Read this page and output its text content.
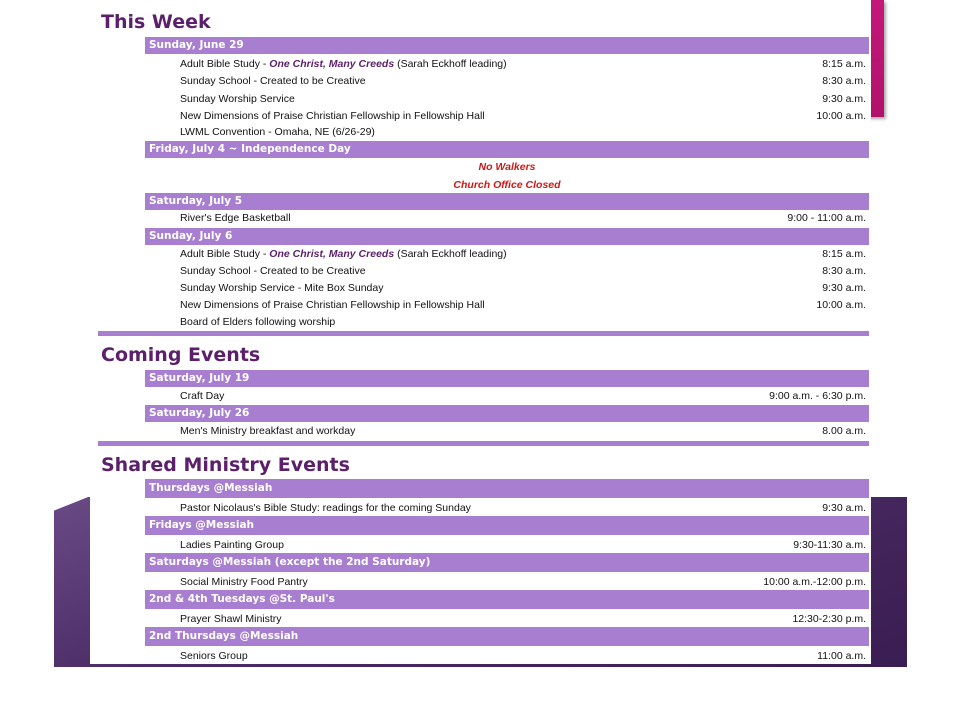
This Week
Sunday, June 29
Adult Bible Study - One Christ, Many Creeds (Sarah Eckhoff leading)	8:15 a.m.
Sunday School - Created to be Creative	8:30 a.m.
Sunday Worship Service	9:30 a.m.
New Dimensions of Praise Christian Fellowship in Fellowship Hall	10:00 a.m.
LWML Convention - Omaha, NE (6/26-29)
Friday, July 4 ~ Independence Day
No Walkers
Church Office Closed
Saturday, July 5
River's Edge Basketball	9:00 - 11:00 a.m.
Sunday, July 6
Adult Bible Study - One Christ, Many Creeds (Sarah Eckhoff leading)	8:15 a.m.
Sunday School - Created to be Creative	8:30 a.m.
Sunday Worship Service - Mite Box Sunday	9:30 a.m.
New Dimensions of Praise Christian Fellowship in Fellowship Hall	10:00 a.m.
Board of Elders following worship
Coming Events
Saturday, July 19
Craft Day	9:00 a.m. - 6:30 p.m.
Saturday, July 26
Men's Ministry breakfast and workday	8.00 a.m.
Shared Ministry Events
Thursdays @Messiah
Pastor Nicolaus's Bible Study: readings for the coming Sunday	9:30 a.m.
Fridays @Messiah
Ladies Painting Group	9:30-11:30 a.m.
Saturdays @Messiah (except the 2nd Saturday)
Social Ministry Food Pantry	10:00 a.m.-12:00 p.m.
2nd & 4th Tuesdays @St. Paul's
Prayer Shawl Ministry	12:30-2:30 p.m.
2nd Thursdays @Messiah
Seniors Group	11:00 a.m.
